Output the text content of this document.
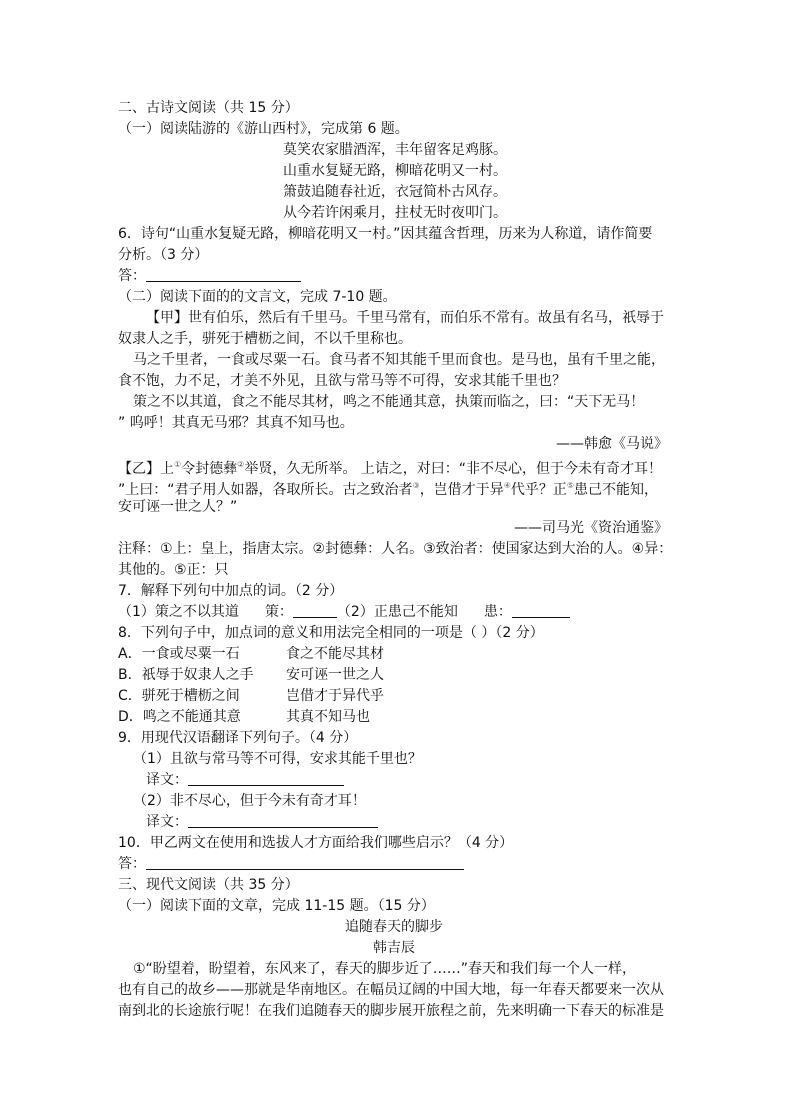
二、古诗文阅读（共 15 分）
（一）阅读陆游的《游山西村》，完成第 6 题。
莫笑农家腊酒浑，丰年留客足鸡豚。
山重水复疑无路，柳暗花明又一村。
箫鼓追随春社近，衣冠简朴古风存。
从今若许闲乘月，拄杖无时夜叩门。
6．诗句“山重水复疑无路，柳暗花明又一村。”因其蕴含哲理，历来为人称道，请作简要
分析。（3 分）
答：
（二）阅读下面的的文言文，完成 7-10 题。
【甲】世有伯乐，然后有千里马。千里马常有，而伯乐不常有。故虽有名马，祇辱于
奴隶人之手，骈死于槽枥之间，不以千里称也。
马之千里者，一食或尽粟一石。食马者不知其能千里而食也。是马也，虽有千里之能，
食不饱，力不足，才美不外见，且欲与常马等不可得，安求其能千里也？
策之不以其道，食之不能尽其材，鸣之不能通其意，执策而临之，曰：“天下无马！
” 呜呼！其真无马邪？其真不知马也。
——韩愈《马说》
【乙】上①令封德彝②举贤，久无所举。 上诘之，对曰：“非不尽心，但于今未有奇才耳！
”上曰：“君子用人如器，各取所长。古之致治者③，岂借才于异④代乎？正⑤患己不能知，
安可诬一世之人？”
——司马光《资治通鉴》
注释：①上：皇上，指唐太宗。②封德彝：人名。③致治者：使国家达到大治的人。④异：
其他的。⑤正：只
7．解释下列句中加点的词。（2 分）
（1）策之不以其道 策：	（2）正患己不能知 患：
8．下列句子中，加点词的意义和用法完全相同的一项是（ ）（2 分）
A．一食或尽粟一石	食之不能尽其材
B．祇辱于奴隶人之手 安可诬一世之人
C．骈死于槽枥之间	岂借才于异代乎
D．鸣之不能通其意	其真不知马也
9．用现代汉语翻译下列句子。（4 分）
（1）且欲与常马等不可得，安求其能千里也？
译文：
（2）非不尽心，但于今未有奇才耳！
译文：
10．甲乙两文在使用和选拔人才方面给我们哪些启示？（4 分）
答：
三、现代文阅读（共 35 分）
（一）阅读下面的文章，完成 11-15 题。（15 分）
追随春天的脚步
韩吉辰
①“盼望着，盼望着，东风来了，春天的脚步近了……”春天和我们每一个人一样，
也有自己的故乡——那就是华南地区。在幅员辽阔的中国大地，每一年春天都要来一次从
南到北的长途旅行呢！在我们追随春天的脚步展开旅程之前，先来明确一下春天的标准是
